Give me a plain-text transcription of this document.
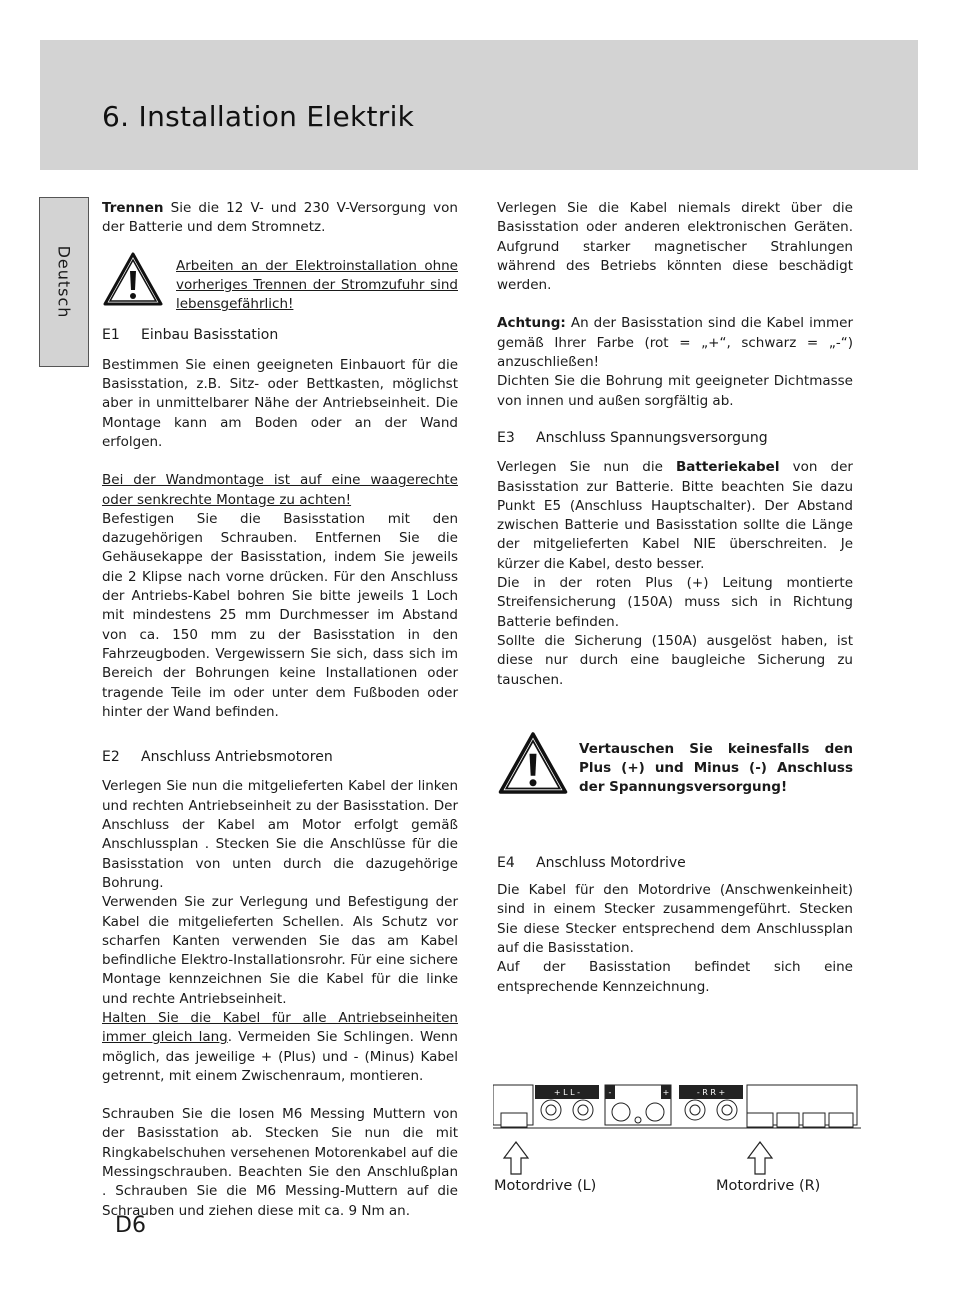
6. Installation Elektrik
Deutsch

Trennen Sie die 12 V- und 230 V-Versorgung von der Batterie und dem Stromnetz.

Arbeiten an der Elektroinstallation ohne vorheriges Trennen der Stromzufuhr sind lebensgefährlich!

E1 Einbau Basisstation

Bestimmen Sie einen geeigneten Einbauort für die Basisstation, z.B. Sitz- oder Bettkasten, möglichst aber in unmittelbarer Nähe der Antriebseinheit. Die Montage kann am Boden oder an der Wand erfolgen.

Bei der Wandmontage ist auf eine waagerechte oder senkrechte Montage zu achten!

Befestigen Sie die Basisstation mit den dazugehörigen Schrauben. Entfernen Sie die Gehäusekappe der Basisstation, indem Sie jeweils die 2 Klipse nach vorne drücken. Für den Anschluss der Antriebs-Kabel bohren Sie bitte jeweils 1 Loch mit mindestens 25 mm Durchmesser im Abstand von ca. 150 mm zu der Basisstation in den Fahrzeugboden. Vergewissern Sie sich, dass sich im Bereich der Bohrungen keine Installationen oder tragende Teile im oder unter dem Fußboden oder hinter der Wand befinden.

E2 Anschluss Antriebsmotoren

Verlegen Sie nun die mitgelieferten Kabel der linken und rechten Antriebseinheit zu der Basisstation. Der Anschluss der Kabel am Motor erfolgt gemäß Anschlussplan . Stecken Sie die Anschlüsse für die Basisstation von unten durch die dazugehörige Bohrung.

Verwenden Sie zur Verlegung und Befestigung der Kabel die mitgelieferten Schellen. Als Schutz vor scharfen Kanten verwenden Sie das am Kabel befindliche Elektro-Installationsrohr. Für eine sichere Montage kennzeichnen Sie die Kabel für die linke und rechte Antriebseinheit.

Halten Sie die Kabel für alle Antriebseinheiten immer gleich lang. Vermeiden Sie Schlingen. Wenn möglich, das jeweilige + (Plus) und - (Minus) Kabel getrennt, mit einem Zwischenraum, montieren.

Schrauben Sie die losen M6 Messing Muttern von der Basisstation ab. Stecken Sie nun die mit Ringkabelschuhen versehenen Motorenkabel auf die Messingschrauben. Beachten Sie den Anschlußplan . Schrauben Sie die M6 Messing-Muttern auf die Schrauben und ziehen diese mit ca. 9 Nm an.

Verlegen Sie die Kabel niemals direkt über die Basisstation oder anderen elektronischen Geräten. Aufgrund starker magnetischer Strahlungen während des Betriebs könnten diese beschädigt werden.

Achtung: An der Basisstation sind die Kabel immer gemäß Ihrer Farbe (rot = „+“, schwarz = „-“) anzuschließen!

Dichten Sie die Bohrung mit geeigneter Dichtmasse von innen und außen sorgfältig ab.

E3 Anschluss Spannungsversorgung

Verlegen Sie nun die Batteriekabel von der Basisstation zur Batterie. Bitte beachten Sie dazu Punkt E5 (Anschluss Hauptschalter). Der Abstand zwischen Batterie und Basisstation sollte die Länge der mitgelieferten Kabel NIE überschreiten. Je kürzer die Kabel, desto besser.

Die in der roten Plus (+) Leitung montierte Streifensicherung (150A) muss sich in Richtung Batterie befinden.

Sollte die Sicherung (150A) ausgelöst haben, ist diese nur durch eine baugleiche Sicherung zu tauschen.

Vertauschen Sie keinesfalls den Plus (+) und Minus (-) Anschluss der Spannungsversorgung!

E4 Anschluss Motordrive

Die Kabel für den Motordrive (Anschwenkeinheit) sind in einem Stecker zusammengeführt. Stecken Sie diese Stecker entsprechend dem Anschlussplan auf die Basisstation.

Auf der Basisstation befindet sich eine entsprechende Kennzeichnung.

+ L L -	-	+	- R R +
Motordrive (L)	Motordrive (R)
D6
